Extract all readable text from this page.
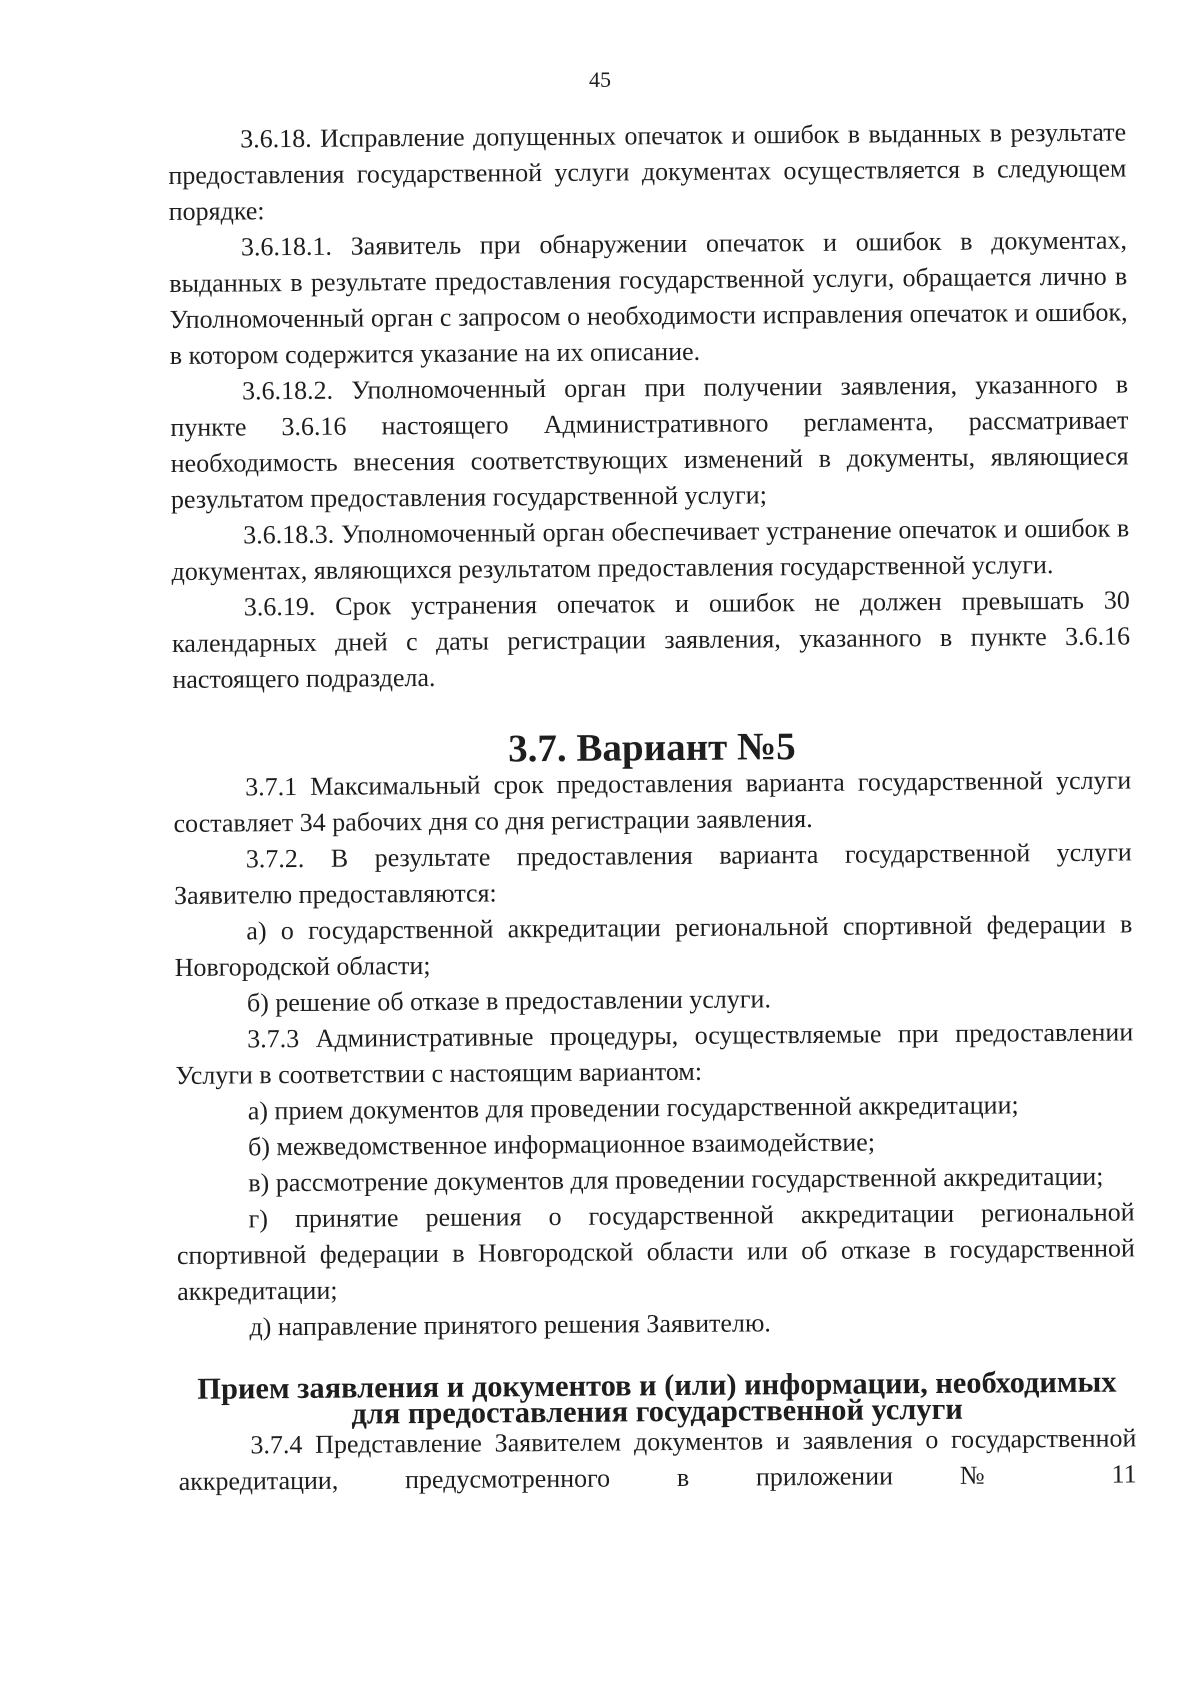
45

3.6.18. Исправление допущенных опечаток и ошибок в выданных в результате предоставления государственной услуги документах осуществляется в следующем порядке:

3.6.18.1. Заявитель при обнаружении опечаток и ошибок в документах, выданных в результате предоставления государственной услуги, обращается лично в Уполномоченный орган с запросом о необходимости исправления опечаток и ошибок, в котором содержится указание на их описание.

3.6.18.2. Уполномоченный орган при получении заявления, указанного в пункте 3.6.16 настоящего Административного регламента, рассматривает необходимость внесения соответствующих изменений в документы, являющиеся результатом предоставления государственной услуги;

3.6.18.3. Уполномоченный орган обеспечивает устранение опечаток и ошибок в документах, являющихся результатом предоставления государственной услуги.

3.6.19. Срок устранения опечаток и ошибок не должен превышать 30 календарных дней с даты регистрации заявления, указанного в пункте 3.6.16 настоящего подраздела.

3.7. Вариант №5

3.7.1 Максимальный срок предоставления варианта государственной услуги составляет 34 рабочих дня со дня регистрации заявления.

3.7.2. В результате предоставления варианта государственной услуги Заявителю предоставляются:

а) о государственной аккредитации региональной спортивной федерации в Новгородской области;

б) решение об отказе в предоставлении услуги.

3.7.3 Административные процедуры, осуществляемые при предоставлении Услуги в соответствии с настоящим вариантом:

а) прием документов для проведении государственной аккредитации;

б) межведомственное информационное взаимодействие;

в) рассмотрение документов для проведении государственной аккредитации;

г) принятие решения о государственной аккредитации региональной спортивной федерации в Новгородской области или об отказе в государственной аккредитации;

д) направление принятого решения Заявителю.

Прием заявления и документов и (или) информации, необходимых для предоставления государственной услуги

3.7.4 Представление Заявителем документов и заявления о государственной аккредитации, предусмотренного в приложении № 11
